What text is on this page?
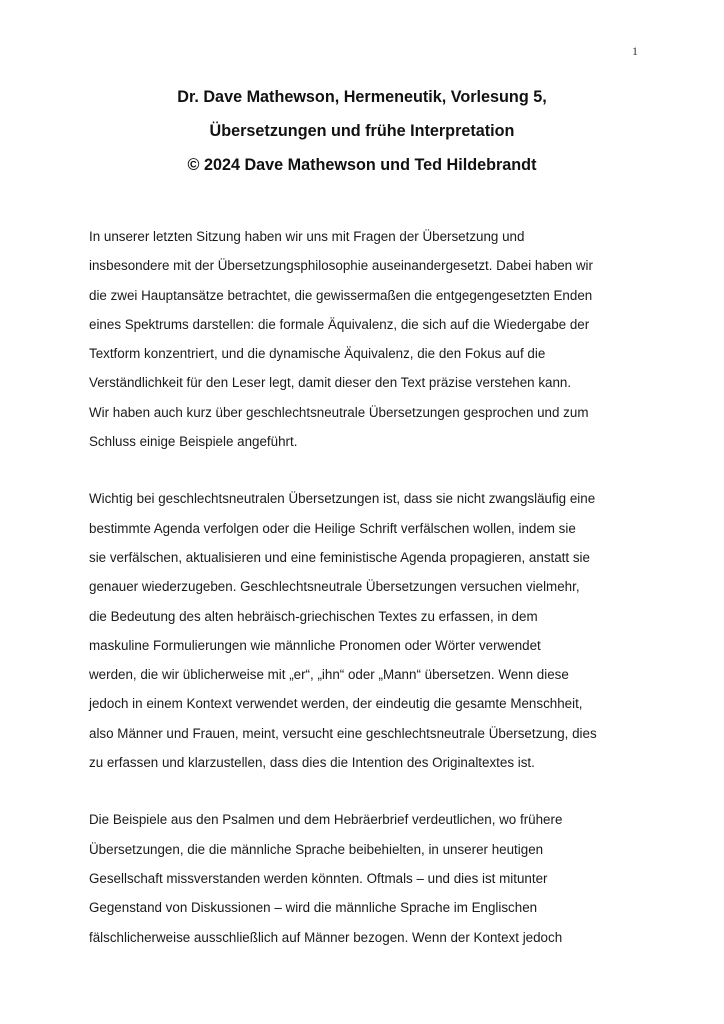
1
Dr. Dave Mathewson, Hermeneutik, Vorlesung 5,
Übersetzungen und frühe Interpretation
© 2024 Dave Mathewson und Ted Hildebrandt
In unserer letzten Sitzung haben wir uns mit Fragen der Übersetzung und
insbesondere mit der Übersetzungsphilosophie auseinandergesetzt. Dabei haben wir
die zwei Hauptansätze betrachtet, die gewissermaßen die entgegengesetzten Enden
eines Spektrums darstellen: die formale Äquivalenz, die sich auf die Wiedergabe der
Textform konzentriert, und die dynamische Äquivalenz, die den Fokus auf die
Verständlichkeit für den Leser legt, damit dieser den Text präzise verstehen kann.
Wir haben auch kurz über geschlechtsneutrale Übersetzungen gesprochen und zum
Schluss einige Beispiele angeführt.
Wichtig bei geschlechtsneutralen Übersetzungen ist, dass sie nicht zwangsläufig eine
bestimmte Agenda verfolgen oder die Heilige Schrift verfälschen wollen, indem sie
sie verfälschen, aktualisieren und eine feministische Agenda propagieren, anstatt sie
genauer wiederzugeben. Geschlechtsneutrale Übersetzungen versuchen vielmehr,
die Bedeutung des alten hebräisch-griechischen Textes zu erfassen, in dem
maskuline Formulierungen wie männliche Pronomen oder Wörter verwendet
werden, die wir üblicherweise mit „er“, „ihn“ oder „Mann“ übersetzen. Wenn diese
jedoch in einem Kontext verwendet werden, der eindeutig die gesamte Menschheit,
also Männer und Frauen, meint, versucht eine geschlechtsneutrale Übersetzung, dies
zu erfassen und klarzustellen, dass dies die Intention des Originaltextes ist.
Die Beispiele aus den Psalmen und dem Hebräerbrief verdeutlichen, wo frühere
Übersetzungen, die die männliche Sprache beibehielten, in unserer heutigen
Gesellschaft missverstanden werden könnten. Oftmals – und dies ist mitunter
Gegenstand von Diskussionen – wird die männliche Sprache im Englischen
fälschlicherweise ausschließlich auf Männer bezogen. Wenn der Kontext jedoch
